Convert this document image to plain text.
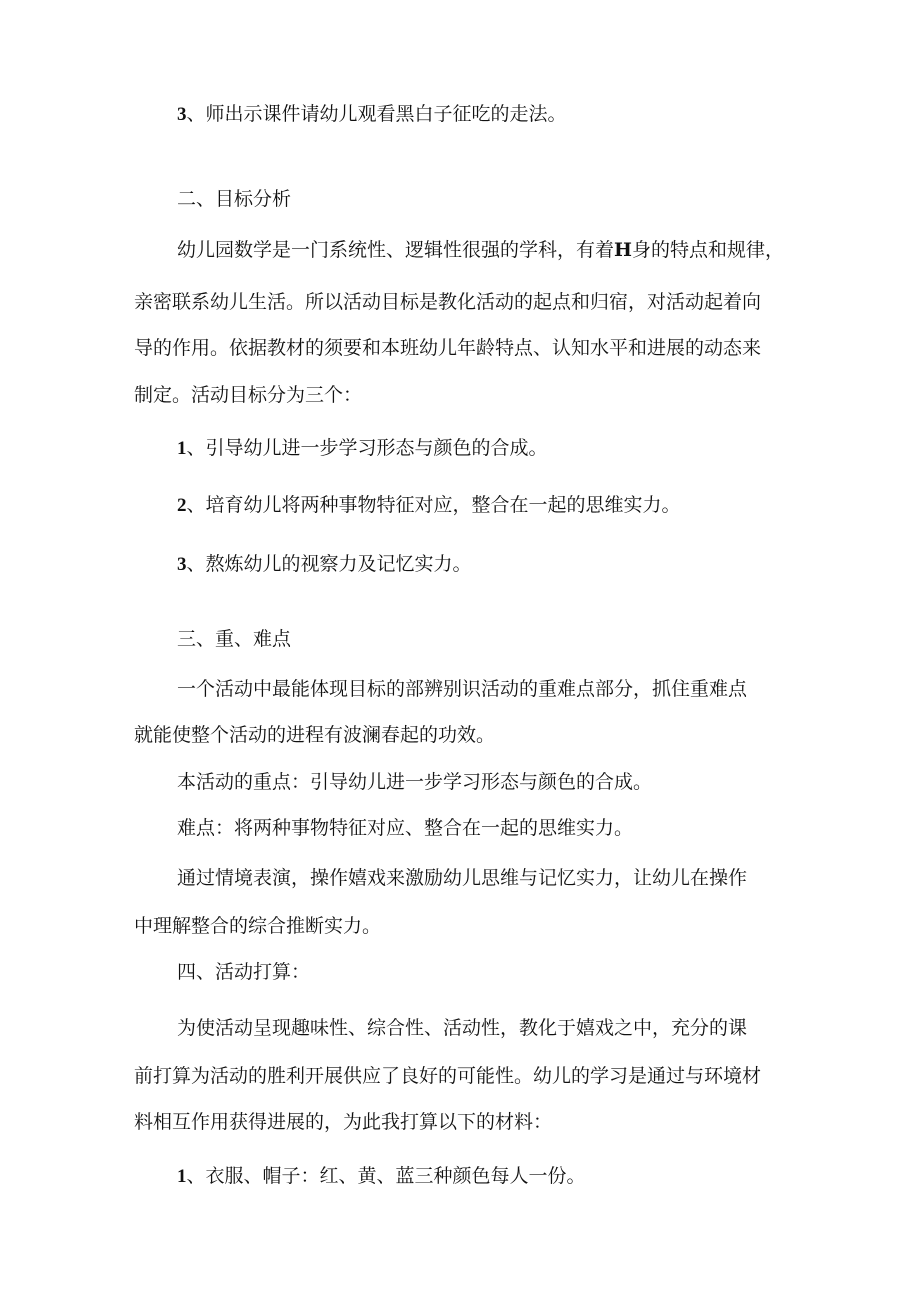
3、师出示课件请幼儿观看黑白子征吃的走法。
二、目标分析
幼儿园数学是一门系统性、逻辑性很强的学科，有着H身的特点和规律，
亲密联系幼儿生活。所以活动目标是教化活动的起点和归宿，对活动起着向
导的作用。依据教材的须要和本班幼儿年龄特点、认知水平和进展的动态来
制定。活动目标分为三个：
1、引导幼儿进一步学习形态与颜色的合成。
2、培育幼儿将两种事物特征对应，整合在一起的思维实力。
3、熬炼幼儿的视察力及记忆实力。
三、重、难点
一个活动中最能体现目标的部辨别识活动的重难点部分，抓住重难点
就能使整个活动的进程有波澜春起的功效。
本活动的重点：引导幼儿进一步学习形态与颜色的合成。
难点：将两种事物特征对应、整合在一起的思维实力。
通过情境表演，操作嬉戏来激励幼儿思维与记忆实力，让幼儿在操作
中理解整合的综合推断实力。
四、活动打算：
为使活动呈现趣味性、综合性、活动性，教化于嬉戏之中，充分的课
前打算为活动的胜利开展供应了良好的可能性。幼儿的学习是通过与环境材
料相互作用获得进展的，为此我打算以下的材料：
1、衣服、帽子：红、黄、蓝三种颜色每人一份。
